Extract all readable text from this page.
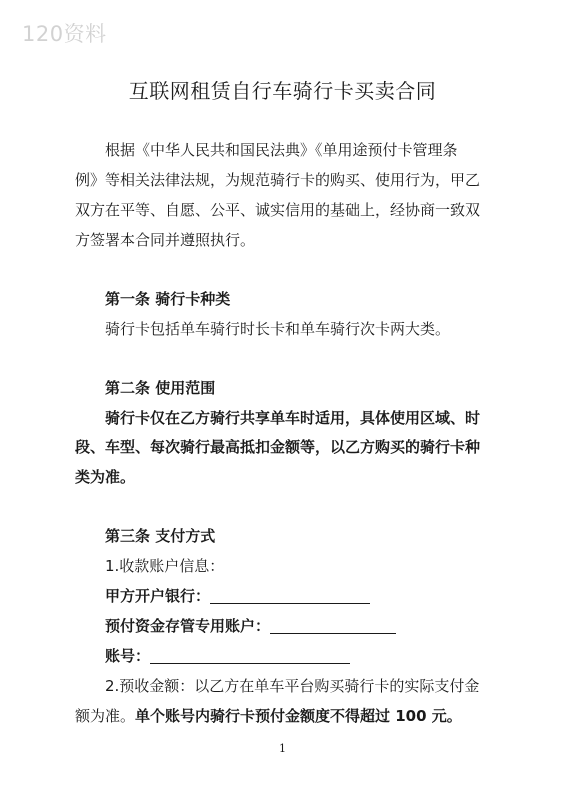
120资料
互联网租赁自行车骑行卡买卖合同
根据《中华人民共和国民法典》《单用途预付卡管理条
例》等相关法律法规，为规范骑行卡的购买、使用行为，甲乙
双方在平等、自愿、公平、诚实信用的基础上，经协商一致双
方签署本合同并遵照执行。
第一条 骑行卡种类
骑行卡包括单车骑行时长卡和单车骑行次卡两大类。
第二条 使用范围
骑行卡仅在乙方骑行共享单车时适用，具体使用区域、时
段、车型、每次骑行最高抵扣金额等，以乙方购买的骑行卡种
类为准。
第三条 支付方式
1.收款账户信息：
甲方开户银行：
预付资金存管专用账户：
账号：
2.预收金额：以乙方在单车平台购买骑行卡的实际支付金
额为准。单个账号内骑行卡预付金额度不得超过 100 元。
1
